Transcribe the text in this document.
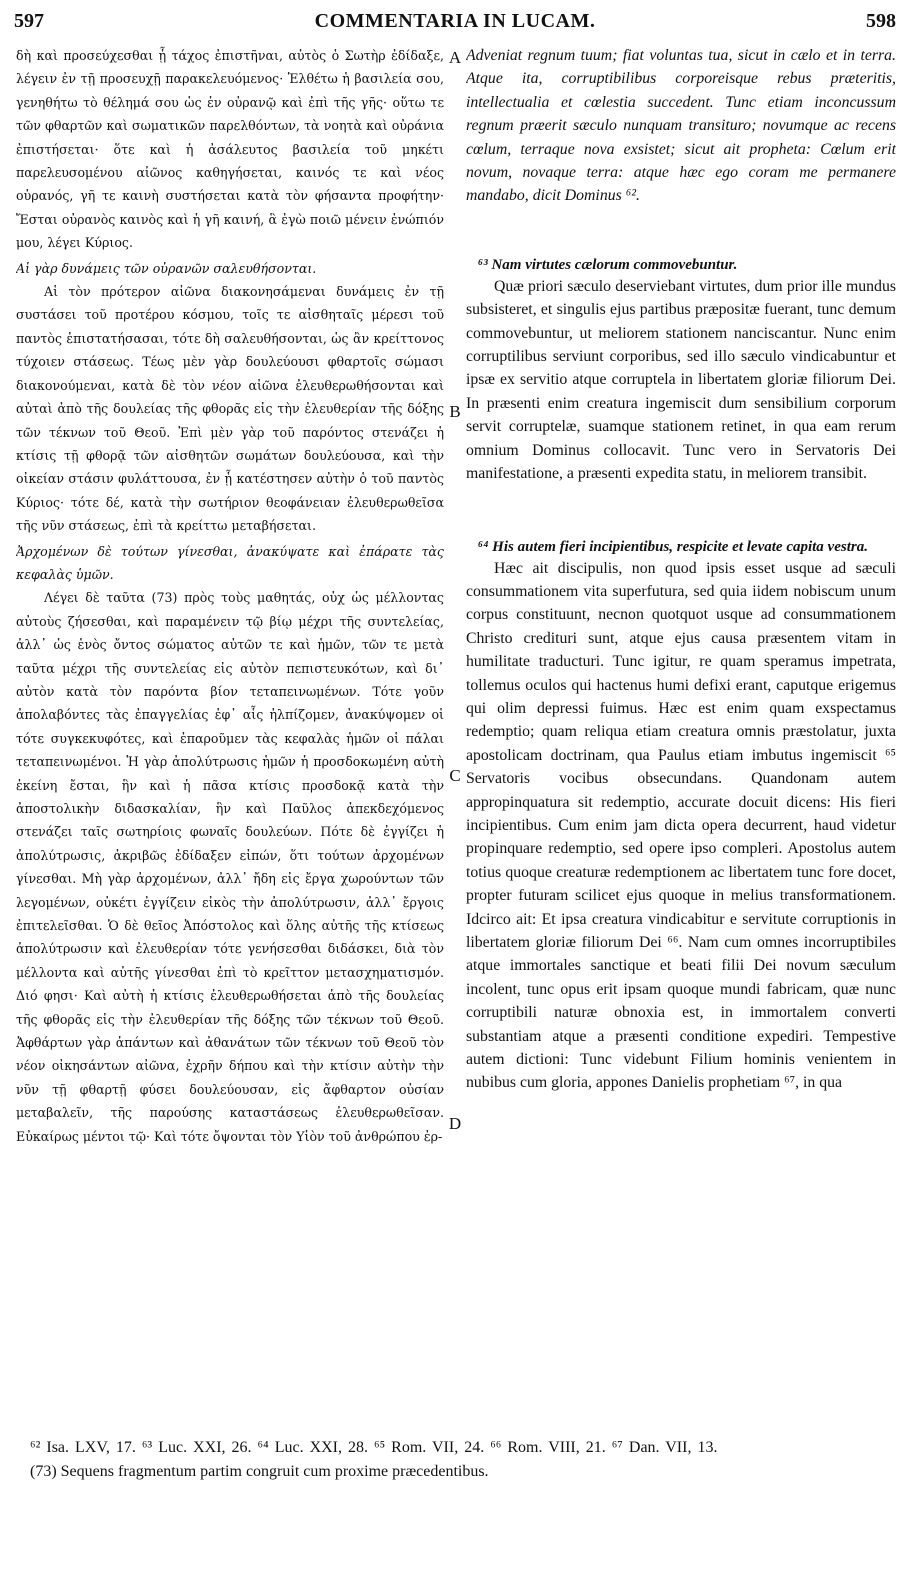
597	COMMENTARIA IN LUCAM.	598

δὴ καὶ προσεύχεσθαι ᾗ τάχος ἐπιστῆναι, αὐτὸς ὁ Σωτὴρ ἐδίδαξε, λέγειν ἐν τῇ προσευχῇ παρακελευόμενος· Ἐλθέτω ἡ βασιλεία σου, γενηθήτω τὸ θέλημά σου ὡς ἐν οὐρανῷ καὶ ἐπὶ τῆς γῆς· οὕτω τε τῶν φθαρτῶν καὶ σωματικῶν παρελθόντων, τὰ νοητὰ καὶ οὐράνια ἐπιστήσεται· ὅτε καὶ ἡ ἀσάλευτος βασιλεία τοῦ μηκέτι παρελευσομένου αἰῶνος καθηγήσεται, καινός τε καὶ νέος οὐρανός, γῆ τε καινὴ συστήσεται κατὰ τὸν φήσαντα προφήτην· Ἔσται οὐρανὸς καινὸς καὶ ἡ γῆ καινή, ἃ ἐγὼ ποιῶ μένειν ἐνώπιόν μου, λέγει Κύριος.

Αἱ γὰρ δυνάμεις τῶν οὐρανῶν σαλευθήσονται.

Αἱ τὸν πρότερον αἰῶνα διακονησάμεναι δυνάμεις ἐν τῇ συστάσει τοῦ προτέρου κόσμου, τοῖς τε αἰσθηταῖς μέρεσι τοῦ παντὸς ἐπιστατήσασαι, τότε δὴ σαλευθήσονται, ὡς ἂν κρείττονος τύχοιεν στάσεως. Τέως μὲν γὰρ δουλεύουσι φθαρτοῖς σώμασι διακονούμεναι, κατὰ δὲ τὸν νέον αἰῶνα ἐλευθερωθήσονται καὶ αὐταὶ ἀπὸ τῆς δουλείας τῆς φθορᾶς εἰς τὴν ἐλευθερίαν τῆς δόξης τῶν τέκνων τοῦ Θεοῦ. Ἐπὶ μὲν γὰρ τοῦ παρόντος στενάζει ἡ κτίσις τῇ φθορᾷ τῶν αἰσθητῶν σωμάτων δουλεύουσα, καὶ τὴν οἰκείαν στάσιν φυλάττουσα, ἐν ᾗ κατέστησεν αὐτὴν ὁ τοῦ παντὸς Κύριος· τότε δέ, κατὰ τὴν σωτήριον θεοφάνειαν ἐλευθερωθεῖσα τῆς νῦν στάσεως, ἐπὶ τὰ κρείττω μεταβήσεται.

Ἀρχομένων δὲ τούτων γίνεσθαι, ἀνακύψατε καὶ ἐπάρατε τὰς κεφαλὰς ὑμῶν.

Λέγει δὲ ταῦτα (73) πρὸς τοὺς μαθητάς, οὐχ ὡς μέλλοντας αὐτοὺς ζήσεσθαι, καὶ παραμένειν τῷ βίῳ μέχρι τῆς συντελείας, ἀλλ᾽ ὡς ἑνὸς ὄντος σώματος αὐτῶν τε καὶ ἡμῶν, τῶν τε μετὰ ταῦτα μέχρι τῆς συντελείας εἰς αὐτὸν πεπιστευκότων, καὶ δι᾽ αὐτὸν κατὰ τὸν παρόντα βίον τεταπεινωμένων. Τότε γοῦν ἀπολαβόντες τὰς ἐπαγγελίας ἐφ᾽ αἷς ἠλπίζομεν, ἀνακύψομεν οἱ τότε συγκεκυφότες, καὶ ἐπαροῦμεν τὰς κεφαλὰς ἡμῶν οἱ πάλαι τεταπεινωμένοι. Ἡ γὰρ ἀπολύτρωσις ἡμῶν ἡ προσδοκωμένη αὐτὴ ἐκείνη ἔσται, ἣν καὶ ἡ πᾶσα κτίσις προσδοκᾷ κατὰ τὴν ἀποστολικὴν διδασκαλίαν, ἣν καὶ Παῦλος ἀπεκδεχόμενος στενάζει ταῖς σωτηρίοις φωναῖς δουλεύων. Πότε δὲ ἐγγίζει ἡ ἀπολύτρωσις, ἀκριβῶς ἐδίδαξεν εἰπών, ὅτι τούτων ἀρχομένων γίνεσθαι. Μὴ γὰρ ἀρχομένων, ἀλλ᾽ ἤδη εἰς ἔργα χωρούντων τῶν λεγομένων, οὐκέτι ἐγγίζειν εἰκὸς τὴν ἀπολύτρωσιν, ἀλλ᾽ ἔργοις ἐπιτελεῖσθαι. Ὁ δὲ θεῖος Ἀπόστολος καὶ ὅλης αὐτῆς τῆς κτίσεως ἀπολύτρωσιν καὶ ἐλευθερίαν τότε γενήσεσθαι διδάσκει, διὰ τὸν μέλλοντα καὶ αὐτῆς γίνεσθαι ἐπὶ τὸ κρεῖττον μετασχηματισμόν. Διό φησι· Καὶ αὐτὴ ἡ κτίσις ἐλευθερωθήσεται ἀπὸ τῆς δουλείας τῆς φθορᾶς εἰς τὴν ἐλευθερίαν τῆς δόξης τῶν τέκνων τοῦ Θεοῦ. Ἀφθάρτων γὰρ ἁπάντων καὶ ἀθανάτων τῶν τέκνων τοῦ Θεοῦ τὸν νέον οἰκησάντων αἰῶνα, ἐχρῆν δήπου καὶ τὴν κτίσιν αὐτὴν τὴν νῦν τῇ φθαρτῇ φύσει δουλεύουσαν, εἰς ἄφθαρτον οὐσίαν μεταβαλεῖν, τῆς παρούσης καταστάσεως ἐλευθερωθεῖσαν. Εὐκαίρως μέντοι τῷ· Καὶ τότε ὄψονται τὸν Υἱὸν τοῦ ἀνθρώπου ἐρ-

A
B
C
D

Adveniat regnum tuum; fiat voluntas tua, sicut in cælo et in terra. Atque ita, corruptibilibus corporeisque rebus præteritis, intellectualia et cœlestia succedent. Tunc etiam inconcussum regnum præerit sæculo nunquam transituro; novumque ac recens cœlum, terraque nova exsistet; sicut ait propheta: Cœlum erit novum, novaque terra: atque hæc ego coram me permanere mandabo, dicit Dominus ⁶².

⁶³ Nam virtutes cælorum commovebuntur.

Quæ priori sæculo deserviebant virtutes, dum prior ille mundus subsisteret, et singulis ejus partibus præpositæ fuerant, tunc demum commovebuntur, ut meliorem stationem nanciscantur. Nunc enim corruptilibus serviunt corporibus, sed illo sæculo vindicabuntur et ipsæ ex servitio atque corruptela in libertatem gloriæ filiorum Dei. In præsenti enim creatura ingemiscit dum sensibilium corporum servit corruptelæ, suamque stationem retinet, in qua eam rerum omnium Dominus collocavit. Tunc vero in Servatoris Dei manifestatione, a præsenti expedita statu, in meliorem transibit.

⁶⁴ His autem fieri incipientibus, respicite et levate capita vestra.

Hæc ait discipulis, non quod ipsis esset usque ad sæculi consummationem vita superfutura, sed quia iidem nobiscum unum corpus constituunt, necnon quotquot usque ad consummationem Christo credituri sunt, atque ejus causa præsentem vitam in humilitate traducturi. Tunc igitur, re quam speramus impetrata, tollemus oculos qui hactenus humi defixi erant, caputque erigemus qui olim depressi fuimus. Hæc est enim quam exspectamus redemptio; quam reliqua etiam creatura omnis præstolatur, juxta apostolicam doctrinam, qua Paulus etiam imbutus ingemiscit ⁶⁵ Servatoris vocibus obsecundans. Quandonam autem appropinquatura sit redemptio, accurate docuit dicens: His fieri incipientibus. Cum enim jam dicta opera decurrent, haud videtur propinquare redemptio, sed opere ipso compleri. Apostolus autem totius quoque creaturæ redemptionem ac libertatem tunc fore docet, propter futuram scilicet ejus quoque in melius transformationem. Idcirco ait: Et ipsa creatura vindicabitur e servitute corruptionis in libertatem gloriæ filiorum Dei ⁶⁶. Nam cum omnes incorruptibiles atque immortales sanctique et beati filii Dei novum sæculum incolent, tunc opus erit ipsam quoque mundi fabricam, quæ nunc corruptibili naturæ obnoxia est, in immortalem converti substantiam atque a præsenti conditione expediri. Tempestive autem dictioni: Tunc videbunt Filium hominis venientem in nubibus cum gloria, appones Danielis prophetiam ⁶⁷, in qua

⁶² Isa. LXV, 17. ⁶³ Luc. XXI, 26. ⁶⁴ Luc. XXI, 28. ⁶⁵ Rom. VII, 24. ⁶⁶ Rom. VIII, 21. ⁶⁷ Dan. VII, 13.
(73) Sequens fragmentum partim congruit cum proxime præcedentibus.
